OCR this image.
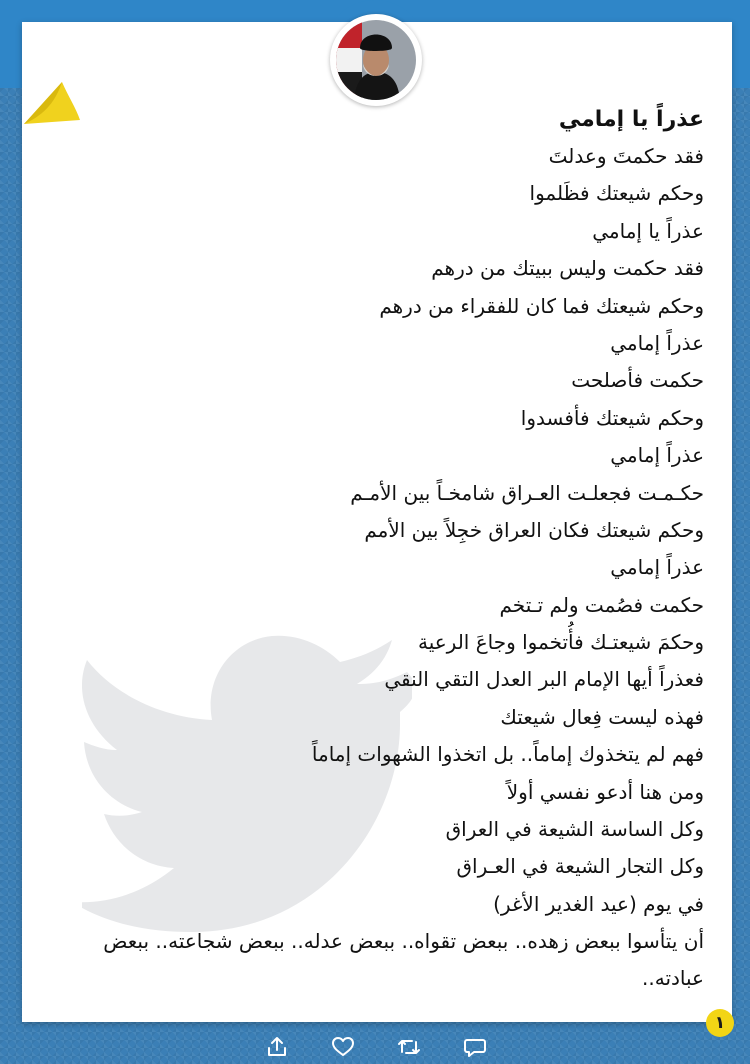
عذراً يا إمامي
فقد حكمتَ وعدلتَ
وحكم شيعتك فظَلموا
عذراً يا إمامي
فقد حكمت وليس ببيتك من درهم
وحكم شيعتك فما كان للفقراء من درهم
عذراً إمامي
حكمت فأصلحت
وحكم شيعتك فأفسدوا
عذراً إمامي
حكـمـت فجعلـت العـراق شامخـاً بين الأمـم
وحكم شيعتك فكان العراق خجِلاً بين الأمم
عذراً إمامي
حكمت فصُمت ولم تـتخم
وحكمَ شيعتـك فأُتخموا وجاعَ الرعية
فعذراً أيها الإمام البر العدل التقي النقي
فهذه ليست فِعال شيعتك
فهم لم يتخذوك إماماً.. بل اتخذوا الشهوات إماماً
ومن هنا أدعو نفسي أولاً
وكل الساسة الشيعة في العراق
وكل التجار الشيعة في العـراق
في يوم (عيد الغدير الأغر)
أن يتأسوا ببعض زهده.. ببعض تقواه.. ببعض عدله.. ببعض شجاعته.. ببعض عبادته..
١
